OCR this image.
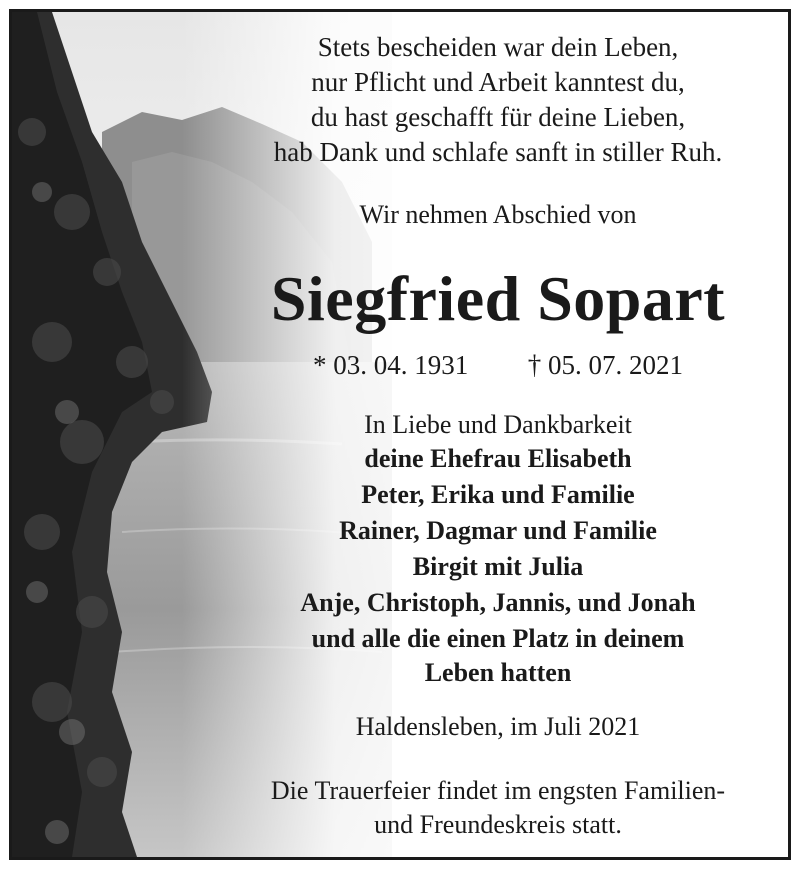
Stets bescheiden war dein Leben,
nur Pflicht und Arbeit kanntest du,
du hast geschafft für deine Lieben,
hab Dank und schlafe sanft in stiller Ruh.
Wir nehmen Abschied von
Siegfried Sopart
* 03. 04. 1931 † 05. 07. 2021
In Liebe und Dankbarkeit
deine Ehefrau Elisabeth
Peter, Erika und Familie
Rainer, Dagmar und Familie
Birgit mit Julia
Anje, Christoph, Jannis, und Jonah
und alle die einen Platz in deinem
Leben hatten
Haldensleben, im Juli 2021
Die Trauerfeier findet im engsten Familien-
und Freundeskreis statt.
